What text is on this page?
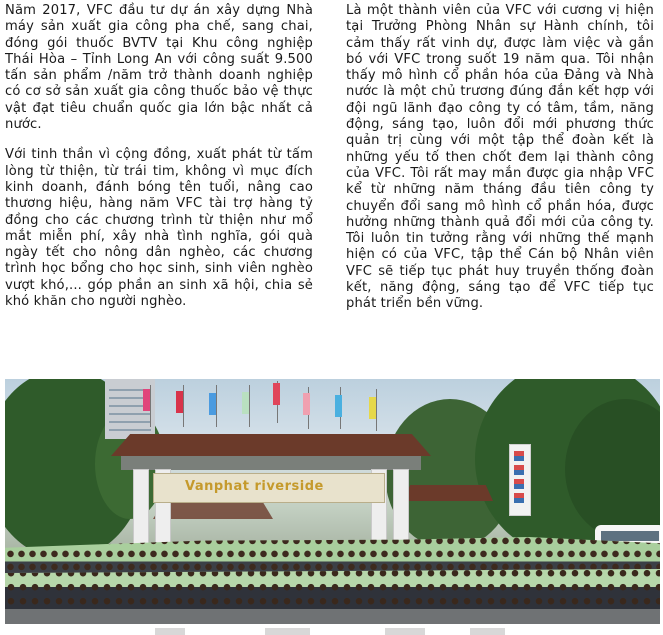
Năm 2017, VFC đầu tư dự án xây dựng Nhà máy sản xuất gia công pha chế, sang chai, đóng gói thuốc BVTV tại Khu công nghiệp Thái Hòa – Tỉnh Long An với công suất 9.500 tấn sản phẩm /năm trở thành doanh nghiệp có cơ sở sản xuất gia công thuốc bảo vệ thực vật đạt tiêu chuẩn quốc gia lớn bậc nhất cả nước.

Với tinh thần vì cộng đồng, xuất phát từ tấm lòng từ thiện, từ trái tim, không vì mục đích kinh doanh, đánh bóng tên tuổi, nâng cao thương hiệu, hàng năm VFC tài trợ hàng tỷ đồng cho các chương trình từ thiện như mổ mắt miễn phí, xây nhà tình nghĩa, gói quà ngày tết cho nông dân nghèo, các chương trình học bổng cho học sinh, sinh viên nghèo vượt khó,... góp phần an sinh xã hội, chia sẻ khó khăn cho người nghèo.

Là một thành viên của VFC với cương vị hiện tại Trưởng Phòng Nhân sự Hành chính, tôi cảm thấy rất vinh dự, được làm việc và gắn bó với VFC trong suốt 19 năm qua. Tôi nhận thấy mô hình cổ phần hóa của Đảng và Nhà nước là một chủ trương đúng đắn kết hợp với đội ngũ lãnh đạo công ty có tâm, tầm, năng động, sáng tạo, luôn đổi mới phương thức quản trị cùng với một tập thể đoàn kết là những yếu tố then chốt đem lại thành công của VFC. Tôi rất may mắn được gia nhập VFC kể từ những năm tháng đầu tiên công ty chuyển đổi sang mô hình cổ phần hóa, được hưởng những thành quả đổi mới của công ty. Tôi luôn tin tưởng rằng với những thế mạnh hiện có của VFC, tập thể Cán bộ Nhân viên VFC sẽ tiếp tục phát huy truyền thống đoàn kết, năng động, sáng tạo để VFC tiếp tục phát triển bền vững.

Vanphat riverside
